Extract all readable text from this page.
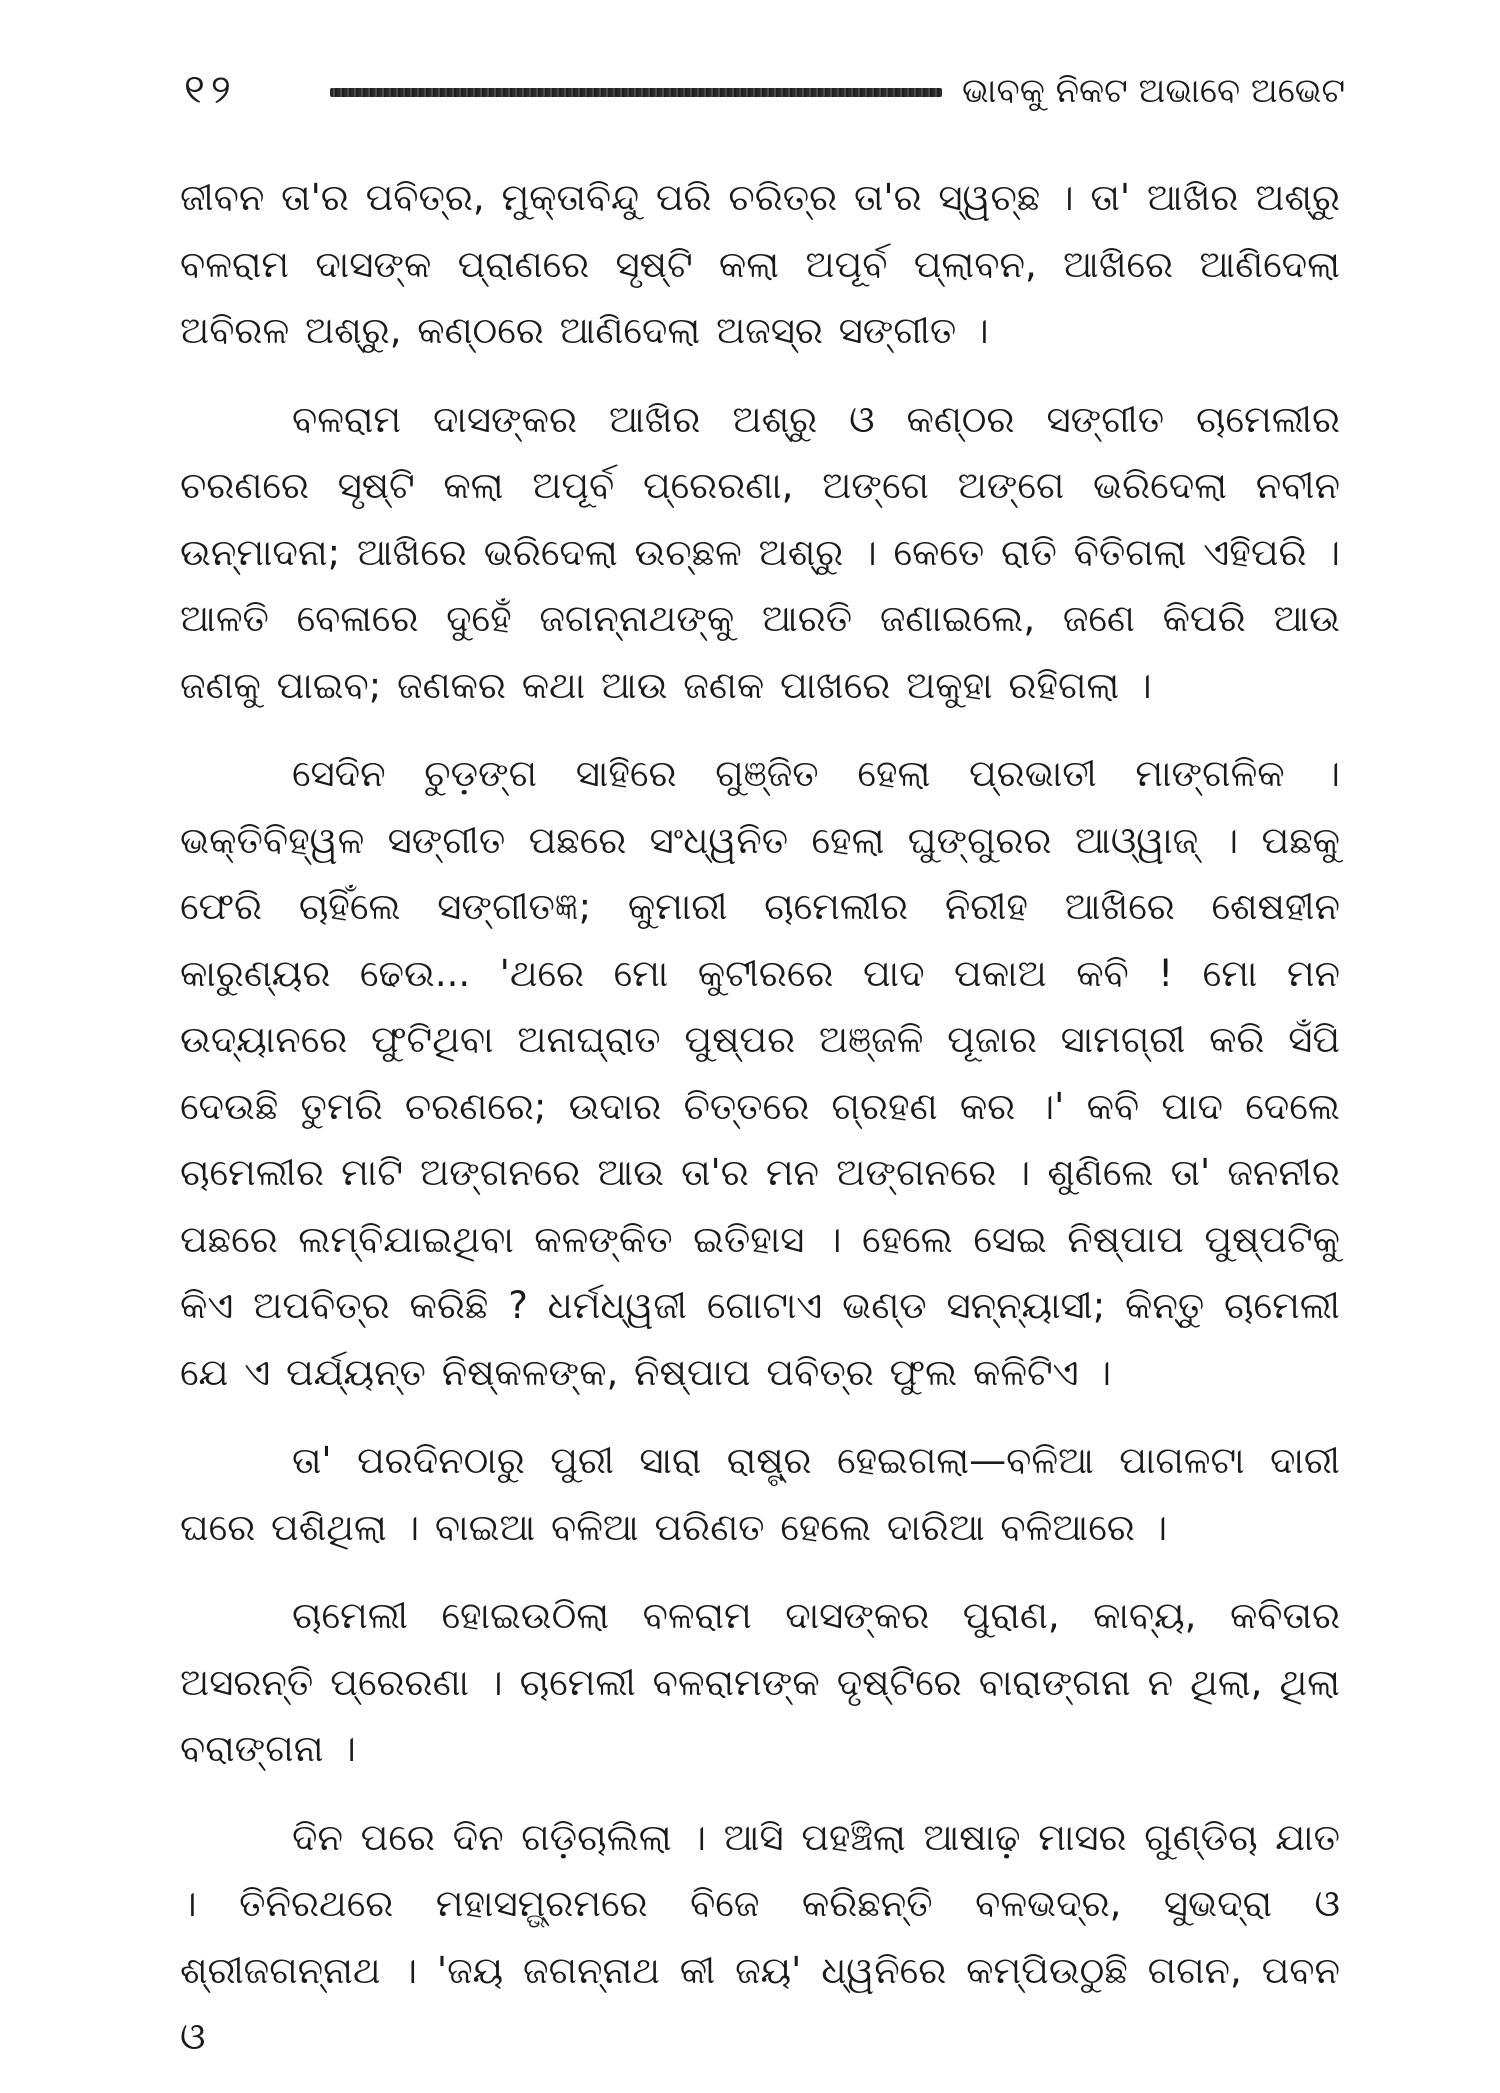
୧୨	ଭାବକୁ ନିକଟ ଅଭାବେ ଅଭେଟ

ଜୀବନ ତା'ର ପବିତ୍ର, ମୁକ୍ତାବିନ୍ଦୁ ପରି ଚରିତ୍ର ତା'ର ସ୍ୱଚ୍ଛ । ତା' ଆଖିର ଅଶ୍ରୁ ବଳରାମ ଦାସଙ୍କ ପ୍ରାଣରେ ସୃଷ୍ଟି କଲା ଅପୂର୍ବ ପ୍ଲାବନ, ଆଖିରେ ଆଣିଦେଲା ଅବିରଳ ଅଶ୍ରୁ, କଣ୍ଠରେ ଆଣିଦେଲା ଅଜସ୍ର ସଙ୍ଗୀତ ।

ବଳରାମ ଦାସଙ୍କର ଆଖିର ଅଶ୍ରୁ ଓ କଣ୍ଠର ସଙ୍ଗୀତ ଚାମେଲୀର ଚରଣରେ ସୃଷ୍ଟି କଲା ଅପୂର୍ବ ପ୍ରେରଣା, ଅଙ୍ଗେ ଅଙ୍ଗେ ଭରିଦେଲା ନବୀନ ଉନ୍ମାଦନା; ଆଖିରେ ଭରିଦେଲା ଉଚ୍ଛଳ ଅଶ୍ରୁ । କେତେ ରାତି ବିତିଗଲା ଏହିପରି । ଆଳତି ବେଳାରେ ଦୁହେଁ ଜଗନ୍ନାଥଙ୍କୁ ଆରତି ଜଣାଇଲେ, ଜଣେ କିପରି ଆଉ ଜଣକୁ ପାଇବ; ଜଣକର କଥା ଆଉ ଜଣକ ପାଖରେ ଅକୁହା ରହିଗଲା ।

ସେଦିନ ଚୁଡ଼ଙ୍ଗ ସାହିରେ ଗୁଞ୍ଜିତ ହେଲା ପ୍ରଭାତୀ ମାଙ୍ଗଳିକ । ଭକ୍ତିବିହ୍ୱଳ ସଙ୍ଗୀତ ପଛରେ ସଂଧ୍ୱନିତ ହେଲା ଘୁଙ୍ଗୁରର ଆଓ୍ୱାଜ୍ । ପଛକୁ ଫେରି ଚାହିଁଲେ ସଙ୍ଗୀତଜ୍ଞ; କୁମାରୀ ଚାମେଲୀର ନିରୀହ ଆଖିରେ ଶେଷହୀନ କାରୁଣ୍ୟର ଢେଉ... 'ଥରେ ମୋ କୁଟୀରରେ ପାଦ ପକାଅ କବି ! ମୋ ମନ ଉଦ୍ୟାନରେ ଫୁଟିଥିବା ଅନାଘ୍ରାତ ପୁଷ୍ପର ଅଞ୍ଜଳି ପୂଜାର ସାମଗ୍ରୀ କରି ସଁପି ଦେଉଛି ତୁମରି ଚରଣରେ; ଉଦାର ଚିତ୍ତରେ ଗ୍ରହଣ କର ।' କବି ପାଦ ଦେଲେ ଚାମେଲୀର ମାଟି ଅଙ୍ଗନରେ ଆଉ ତା'ର ମନ ଅଙ୍ଗନରେ । ଶୁଣିଲେ ତା' ଜନନୀର ପଛରେ ଲମ୍ବିଯାଇଥିବା କଳଙ୍କିତ ଇତିହାସ । ହେଲେ ସେଇ ନିଷ୍ପାପ ପୁଷ୍ପଟିକୁ କିଏ ଅପବିତ୍ର କରିଛି ? ଧର୍ମଧ୍ୱଜୀ ଗୋଟାଏ ଭଣ୍ଡ ସନ୍ନ୍ୟାସୀ; କିନ୍ତୁ ଚାମେଲୀ ଯେ ଏ ପର୍ଯ୍ୟନ୍ତ ନିଷ୍କଳଙ୍କ, ନିଷ୍ପାପ ପବିତ୍ର ଫୁଲ କଳିଟିଏ ।

ତା' ପରଦିନଠାରୁ ପୁରୀ ସାରା ରାଷ୍ଟ୍ର ହେଇଗଲା—ବଳିଆ ପାଗଳଟା ଦାରୀ ଘରେ ପଶିଥିଲା । ବାଇଆ ବଳିଆ ପରିଣତ ହେଲେ ଦାରିଆ ବଳିଆରେ ।

ଚାମେଲୀ ହୋଇଉଠିଲା ବଳରାମ ଦାସଙ୍କର ପୁରାଣ, କାବ୍ୟ, କବିତାର ଅସରନ୍ତି ପ୍ରେରଣା । ଚାମେଲୀ ବଳରାମଙ୍କ ଦୃଷ୍ଟିରେ ବାରାଙ୍ଗନା ନ ଥିଲା, ଥିଲା ବରାଙ୍ଗନା ।

ଦିନ ପରେ ଦିନ ଗଡ଼ିଚାଲିଲା । ଆସି ପହଞ୍ଚିଲା ଆଷାଢ଼ ମାସର ଗୁଣ୍ଡିଚା ଯାତ । ତିନିରଥରେ ମହାସମ୍ଭ୍ରମରେ ବିଜେ କରିଛନ୍ତି ବଳଭଦ୍ର, ସୁଭଦ୍ରା ଓ ଶ୍ରୀଜଗନ୍ନାଥ । 'ଜୟ ଜଗନ୍ନାଥ କୀ ଜୟ' ଧ୍ୱନିରେ କମ୍ପିଉଠୁଛି ଗଗନ, ପବନ ଓ
